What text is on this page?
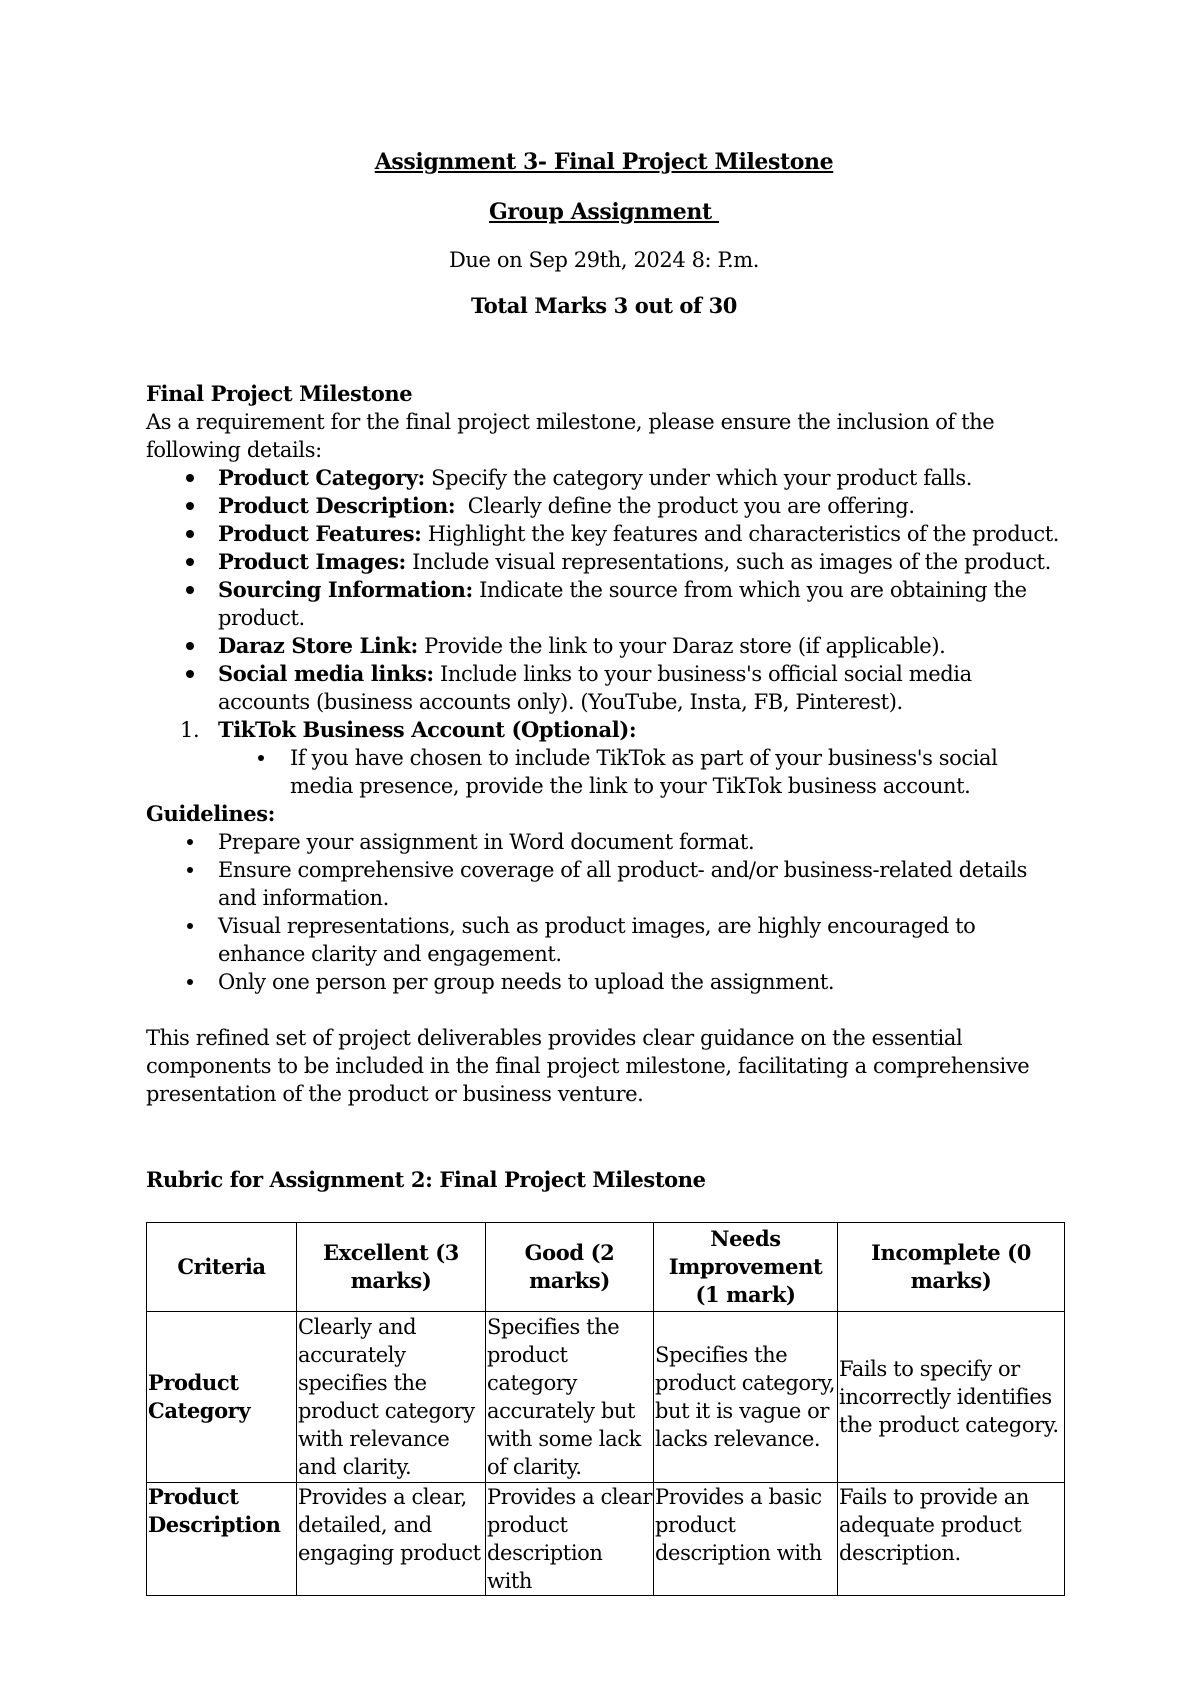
Assignment 3- Final Project Milestone

Group Assignment

Due on Sep 29th, 2024 8: P.m.
Total Marks 3 out of 30
Final Project Milestone

As a requirement for the final project milestone, please ensure the inclusion of the following details:

Product Category: Specify the category under which your product falls.
Product Description:  Clearly define the product you are offering.
Product Features: Highlight the key features and characteristics of the product.
Product Images: Include visual representations, such as images of the product.
Sourcing Information: Indicate the source from which you are obtaining the product.
Daraz Store Link: Provide the link to your Daraz store (if applicable).
Social media links: Include links to your business's official social media accounts (business accounts only). (YouTube, Insta, FB, Pinterest).
1. TikTok Business Account (Optional):
If you have chosen to include TikTok as part of your business's social media presence, provide the link to your TikTok business account.
Guidelines:
Prepare your assignment in Word document format.
Ensure comprehensive coverage of all product- and/or business-related details and information.
Visual representations, such as product images, are highly encouraged to enhance clarity and engagement.
Only one person per group needs to upload the assignment.

This refined set of project deliverables provides clear guidance on the essential components to be included in the final project milestone, facilitating a comprehensive presentation of the product or business venture.

Rubric for Assignment 2: Final Project Milestone
Criteria	Excellent (3 marks)	Good (2 marks)	Needs Improvement (1 mark)	Incomplete (0 marks)
Product Category	Clearly and accurately specifies the product category with relevance and clarity.	Specifies the product category accurately but with some lack of clarity.	Specifies the product category, but it is vague or lacks relevance.	Fails to specify or incorrectly identifies the product category.
Product Description	Provides a clear, detailed, and engaging product	Provides a clear product description with	Provides a basic product description with	Fails to provide an adequate product description.
